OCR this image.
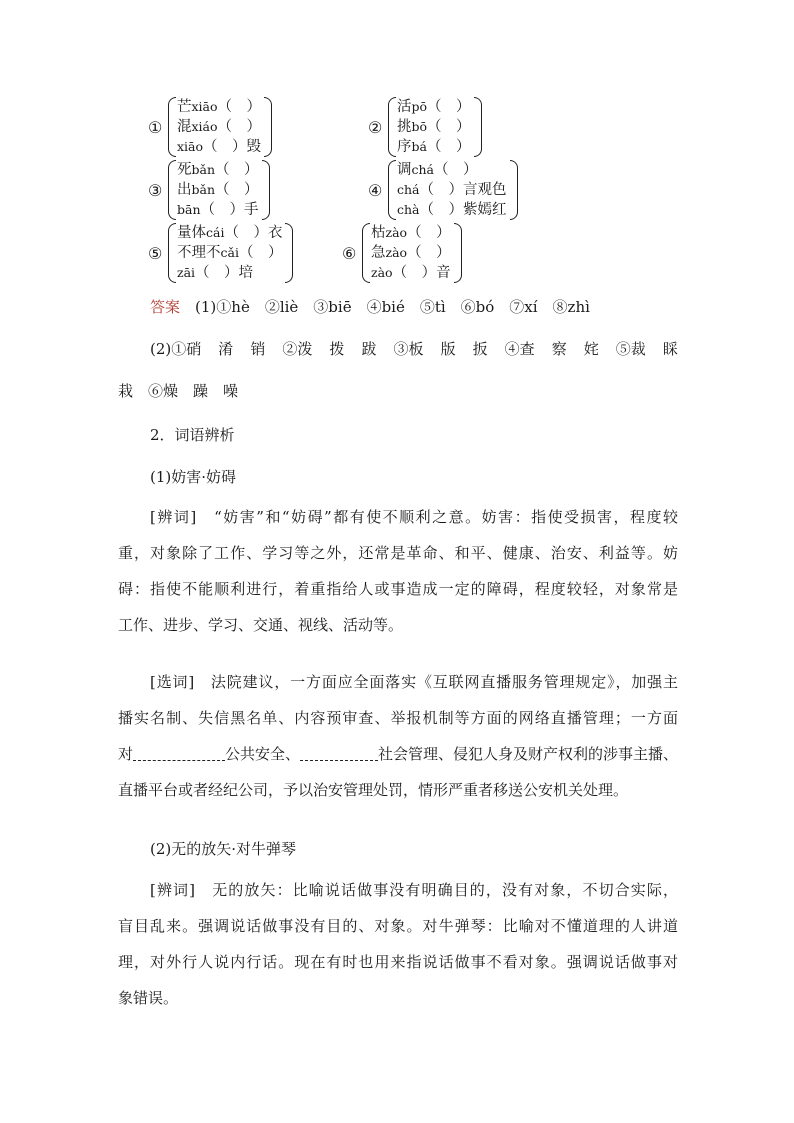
①
芒xiāo（　）
混xiáo（　）
xiāo（　）毁
②
活pō（　）
挑bō（　）
序bá（　）
③
死bǎn（　）
出bǎn（　）
bān（　）手
④
调chá（　）
chá（　）言观色
chà（　）紫嫣红
⑤
量体cái（　）衣
不理不cǎi（　）
zāi（　）培
⑥
枯zào（　）
急zào（　）
zào（　）音
答案　 (1)①hè　②liè　③biē　④bié　⑤tì　⑥bó　⑦xí　⑧zhì
(2)①硝 淆 销 ②泼 拨 跋 ③板 版 扳 ④查 察 姹 ⑤裁 睬
栽　⑥燥　躁　噪
2．词语辨析
(1)妨害·妨碍
[辨词]　“妨害”和“妨碍”都有使不顺利之意。妨害：指使受损害，程度较
重，对象除了工作、学习等之外，还常是革命、和平、健康、治安、利益等。妨
碍：指使不能顺利进行，着重指给人或事造成一定的障碍，程度较轻，对象常是
工作、进步、学习、交通、视线、活动等。
[选词]　法院建议，一方面应全面落实《互联网直播服务管理规定》，加强主
播实名制、失信黑名单、内容预审查、举报机制等方面的网络直播管理；一方面
对	公共安全、	社会管理、侵犯人身及财产权利的涉事主播、
直播平台或者经纪公司，予以治安管理处罚，情形严重者移送公安机关处理。
(2)无的放矢·对牛弹琴
[辨词]　无的放矢：比喻说话做事没有明确目的，没有对象，不切合实际，
盲目乱来。强调说话做事没有目的、对象。对牛弹琴：比喻对不懂道理的人讲道
理，对外行人说内行话。现在有时也用来指说话做事不看对象。强调说话做事对
象错误。
